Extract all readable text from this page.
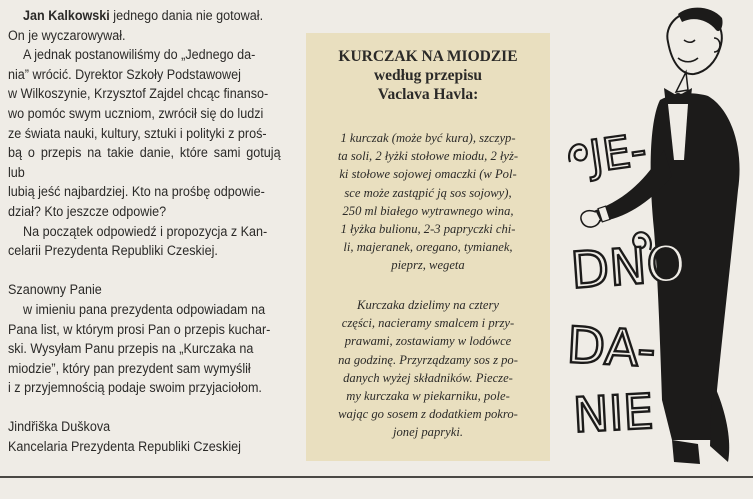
Jan Kalkowski jednego dania nie gotował.

On je wyczarowywał.

A jednak postanowiliśmy do „Jednego da-

nia” wrócić. Dyrektor Szkoły Podstawowej

w Wilkoszynie, Krzysztof Zajdel chcąc finanso-

wo pomóc swym uczniom, zwrócił się do ludzi

ze świata nauki, kultury, sztuki i polityki z proś-

bą o przepis na takie danie, które sami gotują lub

lubią jeść najbardziej. Kto na prośbę odpowie-

dział? Kto jeszcze odpowie?

Na początek odpowiedź i propozycja z Kan-

celarii Prezydenta Republiki Czeskiej.

Szanowny Panie

w imieniu pana prezydenta odpowiadam na

Pana list, w którym prosi Pan o przepis kuchar-

ski. Wysyłam Panu przepis na „Kurczaka na

miodzie”, który pan prezydent sam wymyślił

i z przyjemnością podaje swoim przyjaciołom.

Jindřiška Duškova

Kancelaria Prezydenta Republiki Czeskiej

KURCZAK NA MIODZIE
według przepisu
Vaclava Havla:
1 kurczak (może być kura), szczyp-
ta soli, 2 łyżki stołowe miodu, 2 łyż-
ki stołowe sojowej omaczki (w Pol-
sce może zastąpić ją sos sojowy),
250 ml białego wytrawnego wina,
1 łyżka bulionu, 2-3 papryczki chi-
li, majeranek, oregano, tymianek,
pieprz, wegeta
Kurczaka dzielimy na cztery
części, nacieramy smalcem i przy-
prawami, zostawiamy w lodówce
na godzinę. Przyrządzamy sos z po-
danych wyżej składników. Piecze-
my kurczaka w piekarniku, pole-
wając go sosem z dodatkiem pokro-
jonej papryki.
JE-
DNO
DA-
NIE
